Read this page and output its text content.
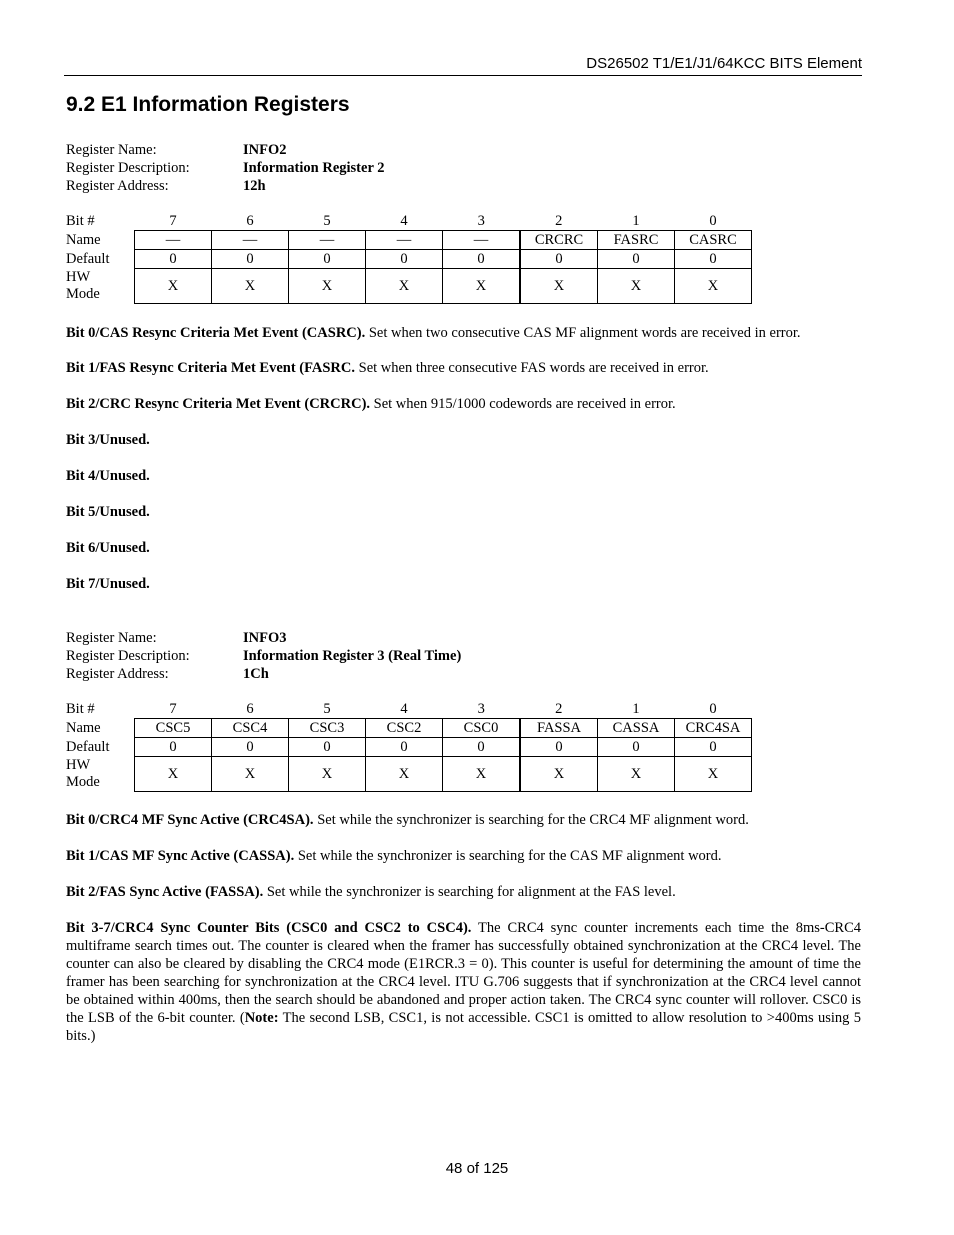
DS26502 T1/E1/J1/64KCC BITS Element
9.2 E1 Information Registers
Register Name:	INFO2
Register Description:	Information Register 2
Register Address:	12h
Bit #	7	6	5	4	3	2	1	0
Name	—	—	—	—	—	CRCRC	FASRC	CASRC
Default	0	0	0	0	0	0	0	0
HW
Mode	X	X	X	X	X	X	X	X

Bit 0/CAS Resync Criteria Met Event (CASRC). Set when two consecutive CAS MF alignment words are received in error.

Bit 1/FAS Resync Criteria Met Event (FASRC. Set when three consecutive FAS words are received in error.

Bit 2/CRC Resync Criteria Met Event (CRCRC). Set when 915/1000 codewords are received in error.

Bit 3/Unused.

Bit 4/Unused.

Bit 5/Unused.

Bit 6/Unused.

Bit 7/Unused.

Register Name:	INFO3
Register Description:	Information Register 3 (Real Time)
Register Address:	1Ch
Bit #	7	6	5	4	3	2	1	0
Name	CSC5	CSC4	CSC3	CSC2	CSC0	FASSA	CASSA	CRC4SA
Default	0	0	0	0	0	0	0	0
HW
Mode	X	X	X	X	X	X	X	X

Bit 0/CRC4 MF Sync Active (CRC4SA). Set while the synchronizer is searching for the CRC4 MF alignment word.

Bit 1/CAS MF Sync Active (CASSA). Set while the synchronizer is searching for the CAS MF alignment word.

Bit 2/FAS Sync Active (FASSA). Set while the synchronizer is searching for alignment at the FAS level.

Bit 3-7/CRC4 Sync Counter Bits (CSC0 and CSC2 to CSC4). The CRC4 sync counter increments each time the 8ms-CRC4 multiframe search times out. The counter is cleared when the framer has successfully obtained synchronization at the CRC4 level. The counter can also be cleared by disabling the CRC4 mode (E1RCR.3 = 0). This counter is useful for determining the amount of time the framer has been searching for synchronization at the CRC4 level. ITU G.706 suggests that if synchronization at the CRC4 level cannot be obtained within 400ms, then the search should be abandoned and proper action taken. The CRC4 sync counter will rollover. CSC0 is the LSB of the 6-bit counter. (Note: The second LSB, CSC1, is not accessible. CSC1 is omitted to allow resolution to >400ms using 5 bits.)

48 of 125
